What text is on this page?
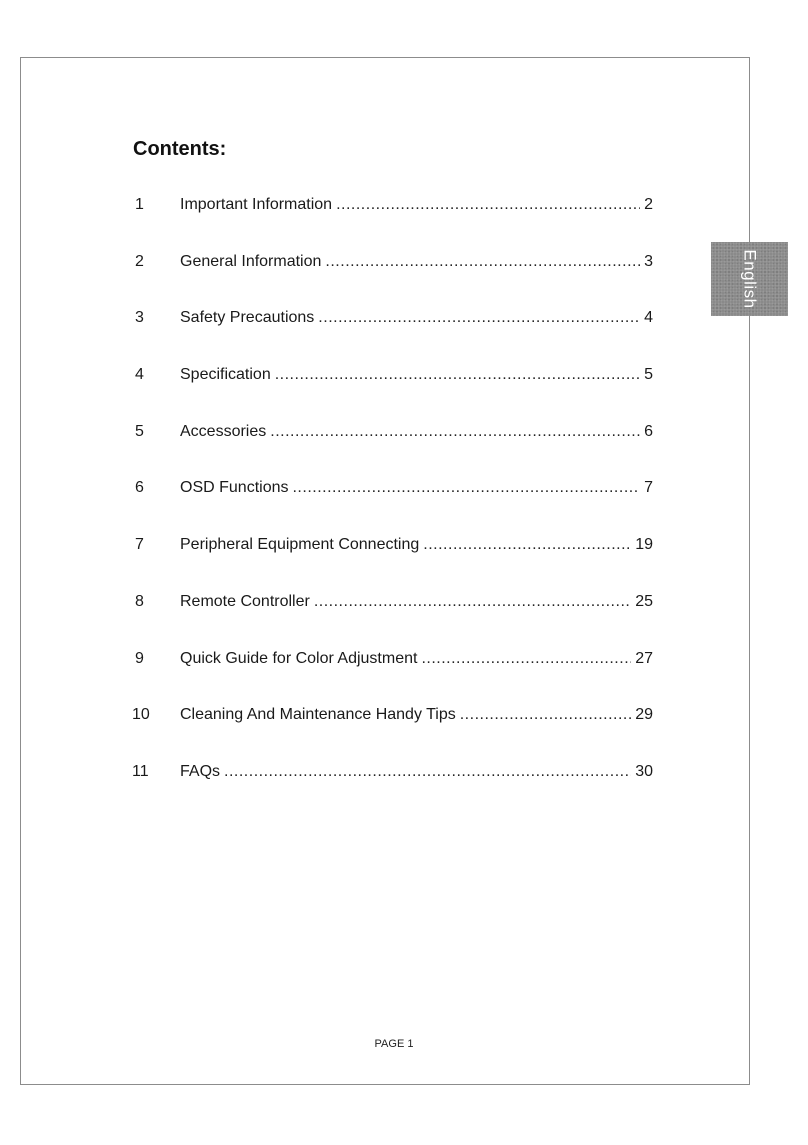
Contents:
1	Important Information .....	2
2	General Information .....	3
3	Safety Precautions .....	4
4	Specification .....	5
5	Accessories .....	6
6	OSD Functions .....	7
7	Peripheral Equipment Connecting .....	19
8	Remote Controller .....	25
9	Quick Guide for Color Adjustment .....	27
10	Cleaning And Maintenance Handy Tips .....	29
11	FAQs .....	30
English
PAGE 1
